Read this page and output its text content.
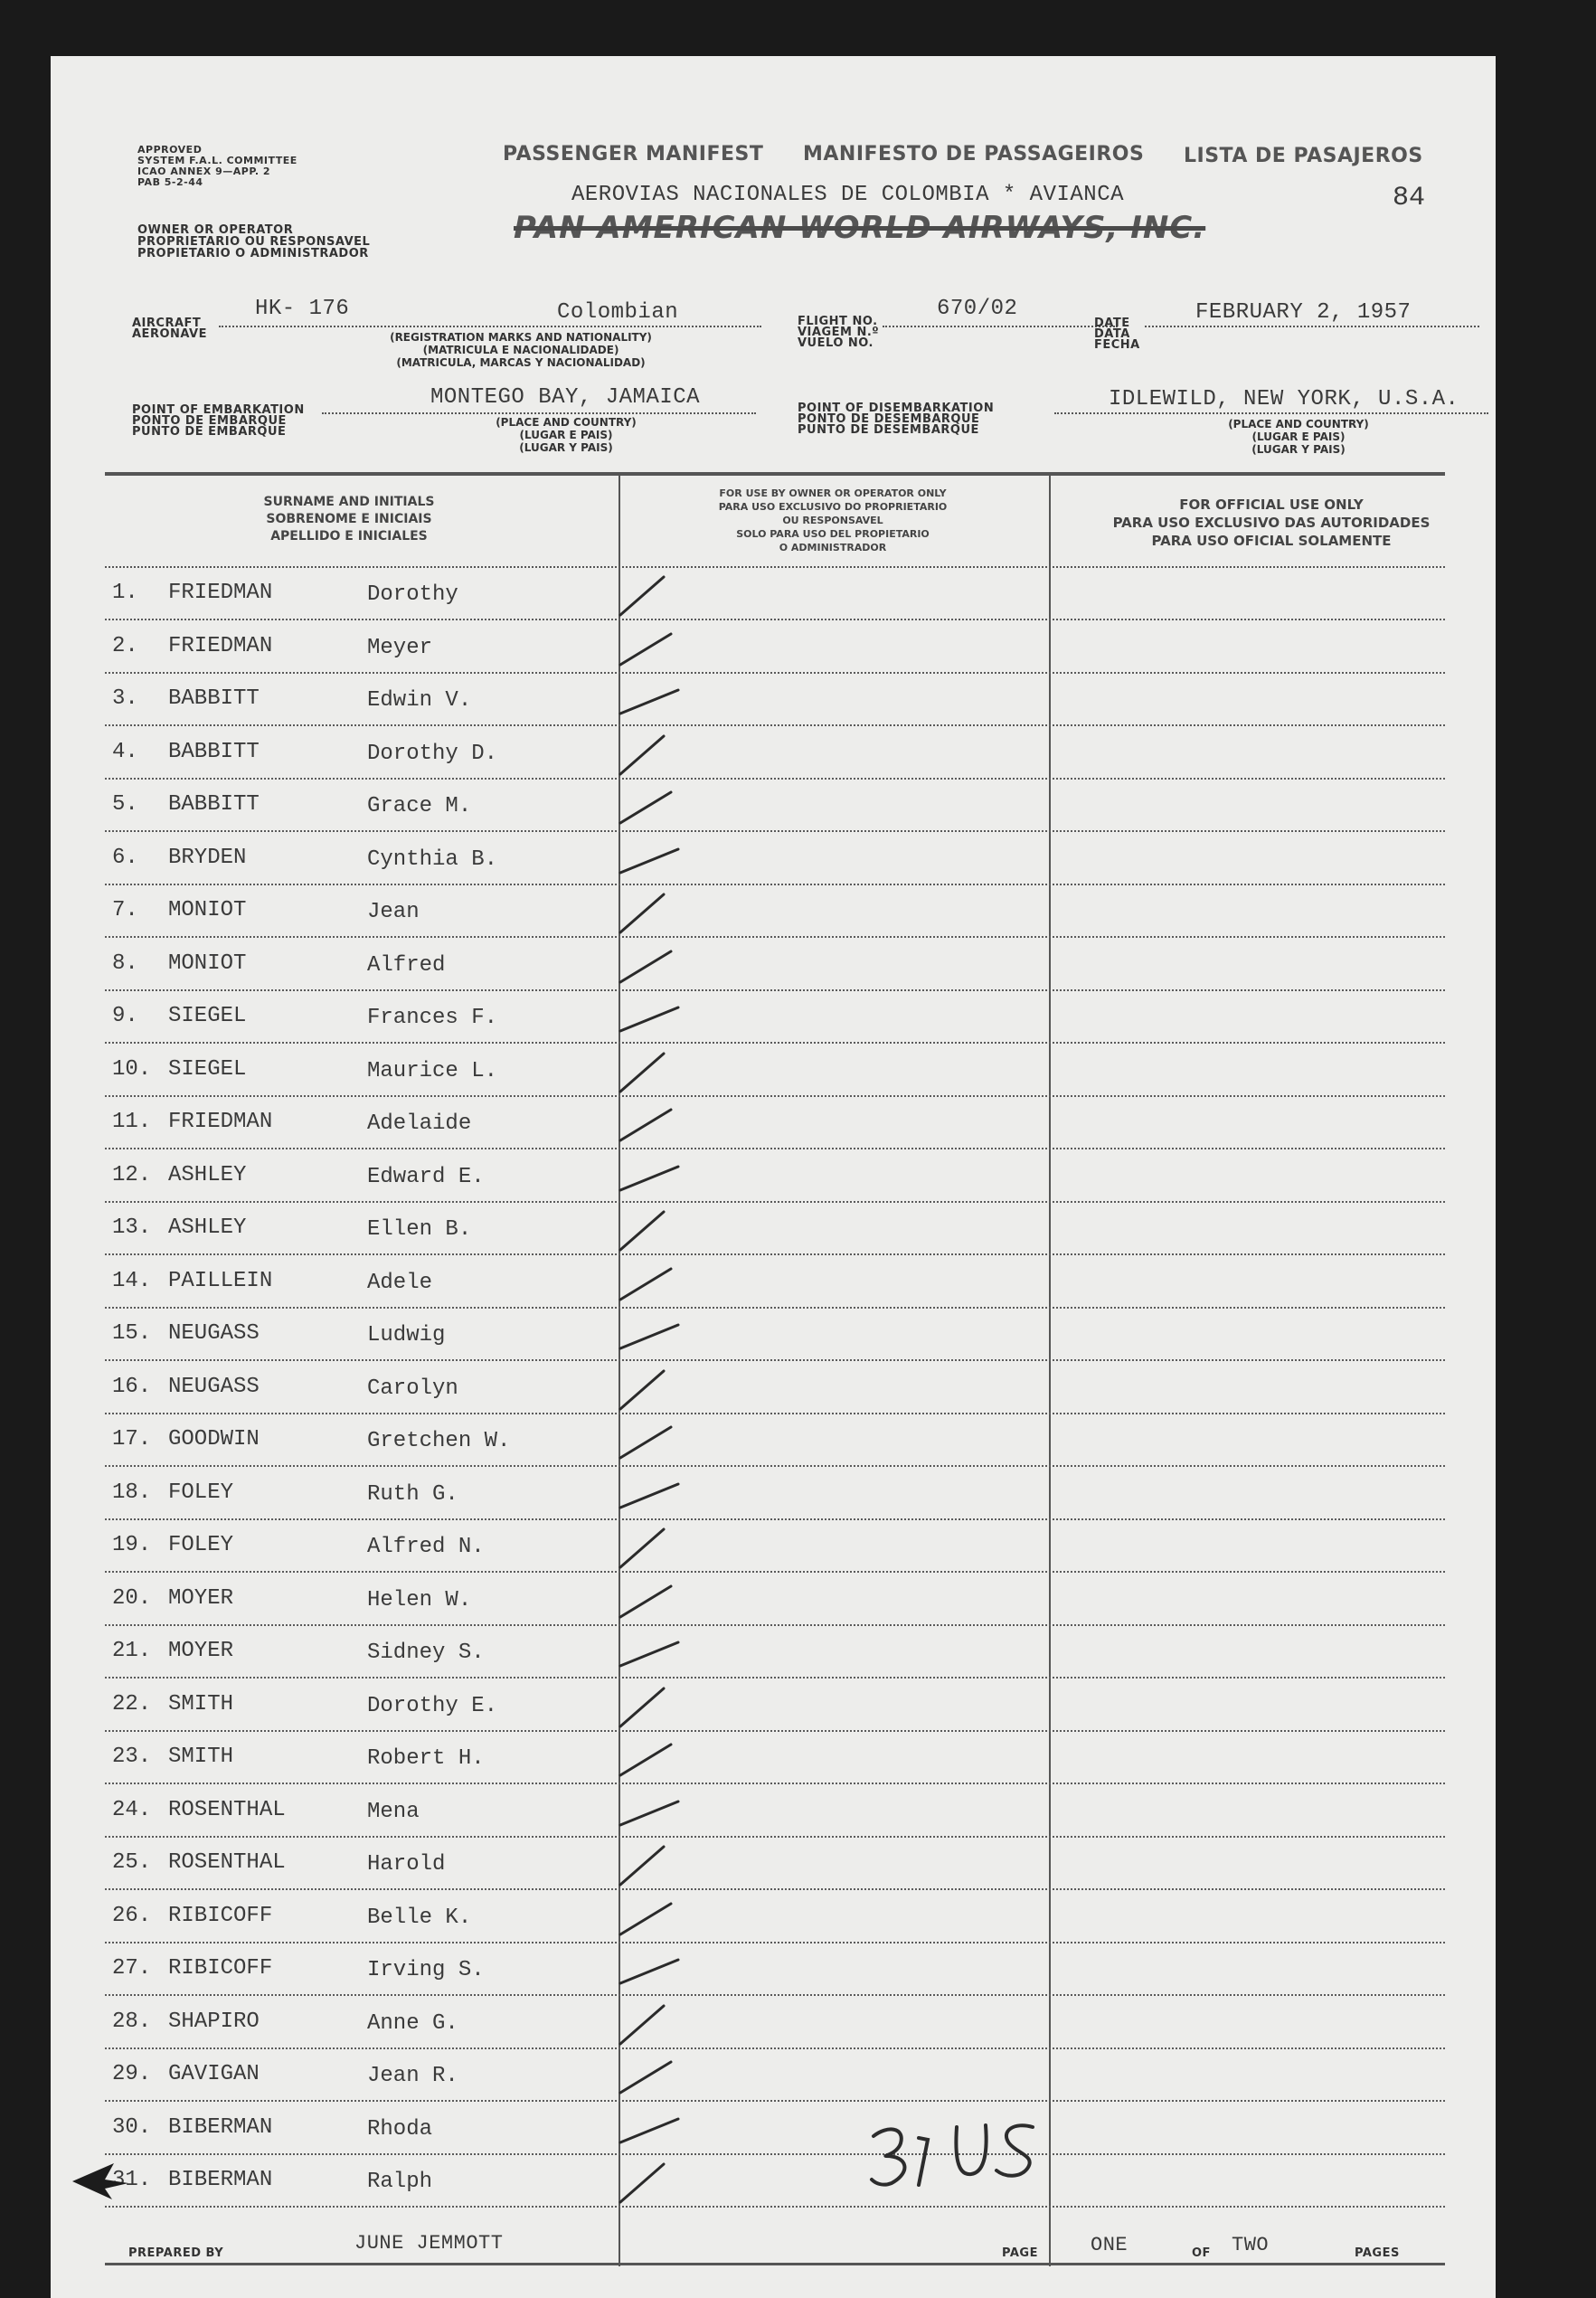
APPROVED
SYSTEM F.A.L. COMMITTEE
ICAO ANNEX 9—APP. 2
PAB 5-2-44
PASSENGER MANIFEST MANIFESTO DE PASSAGEIROS LISTA DE PASAJEROS
OWNER OR OPERATOR
PROPRIETARIO OU RESPONSAVEL
PROPIETARIO O ADMINISTRADOR
AEROVIAS NACIONALES DE COLOMBIA * AVIANCA
PAN AMERICAN WORLD AIRWAYS, INC.
84
AIRCRAFT
AERONAVE
HK- 176	Colombian
(REGISTRATION MARKS AND NATIONALITY)
(MATRICULA E NACIONALIDADE)
(MATRICULA, MARCAS Y NACIONALIDAD)
FLIGHT NO.
VIAGEM N.º
VUELO NO.
670/02
DATE
DATA
FECHA
FEBRUARY 2, 1957
POINT OF EMBARKATION
PONTO DE EMBARQUE
PUNTO DE EMBARQUE
MONTEGO BAY, JAMAICA
(PLACE AND COUNTRY)
(LUGAR E PAIS)
(LUGAR Y PAIS)
POINT OF DISEMBARKATION
PONTO DE DESEMBARQUE
PUNTO DE DESEMBARQUE
IDLEWILD, NEW YORK, U.S.A.
(PLACE AND COUNTRY)
(LUGAR E PAIS)
(LUGAR Y PAIS)
SURNAME AND INITIALS
SOBRENOME E INICIAIS
APELLIDO E INICIALES
FOR USE BY OWNER OR OPERATOR ONLY
PARA USO EXCLUSIVO DO PROPRIETARIO
OU RESPONSAVEL
SOLO PARA USO DEL PROPIETARIO
O ADMINISTRADOR
FOR OFFICIAL USE ONLY
PARA USO EXCLUSIVO DAS AUTORIDADES
PARA USO OFICIAL SOLAMENTE
1.	FRIEDMAN	Dorothy
2.	FRIEDMAN	Meyer
3.	BABBITT	Edwin V.
4.	BABBITT	Dorothy D.
5.	BABBITT	Grace M.
6.	BRYDEN	Cynthia B.
7.	MONIOT	Jean
8.	MONIOT	Alfred
9.	SIEGEL	Frances F.
10. SIEGEL	Maurice L.
11. FRIEDMAN	Adelaide
12. ASHLEY	Edward E.
13. ASHLEY	Ellen B.
14. PAILLEIN	Adele
15. NEUGASS	Ludwig
16. NEUGASS	Carolyn
17. GOODWIN	Gretchen W.
18. FOLEY	Ruth G.
19. FOLEY	Alfred N.
20. MOYER	Helen W.
21. MOYER	Sidney S.
22. SMITH	Dorothy E.
23. SMITH	Robert H.
24. ROSENTHAL	Mena
25. ROSENTHAL	Harold
26. RIBICOFF	Belle K.
27. RIBICOFF	Irving S.
28. SHAPIRO	Anne G.
29. GAVIGAN	Jean R.
30. BIBERMAN	Rhoda
31. BIBERMAN	Ralph
PREPARED BY	JUNE JEMMOTT	PAGE	ONE	OF TWO	PAGES
